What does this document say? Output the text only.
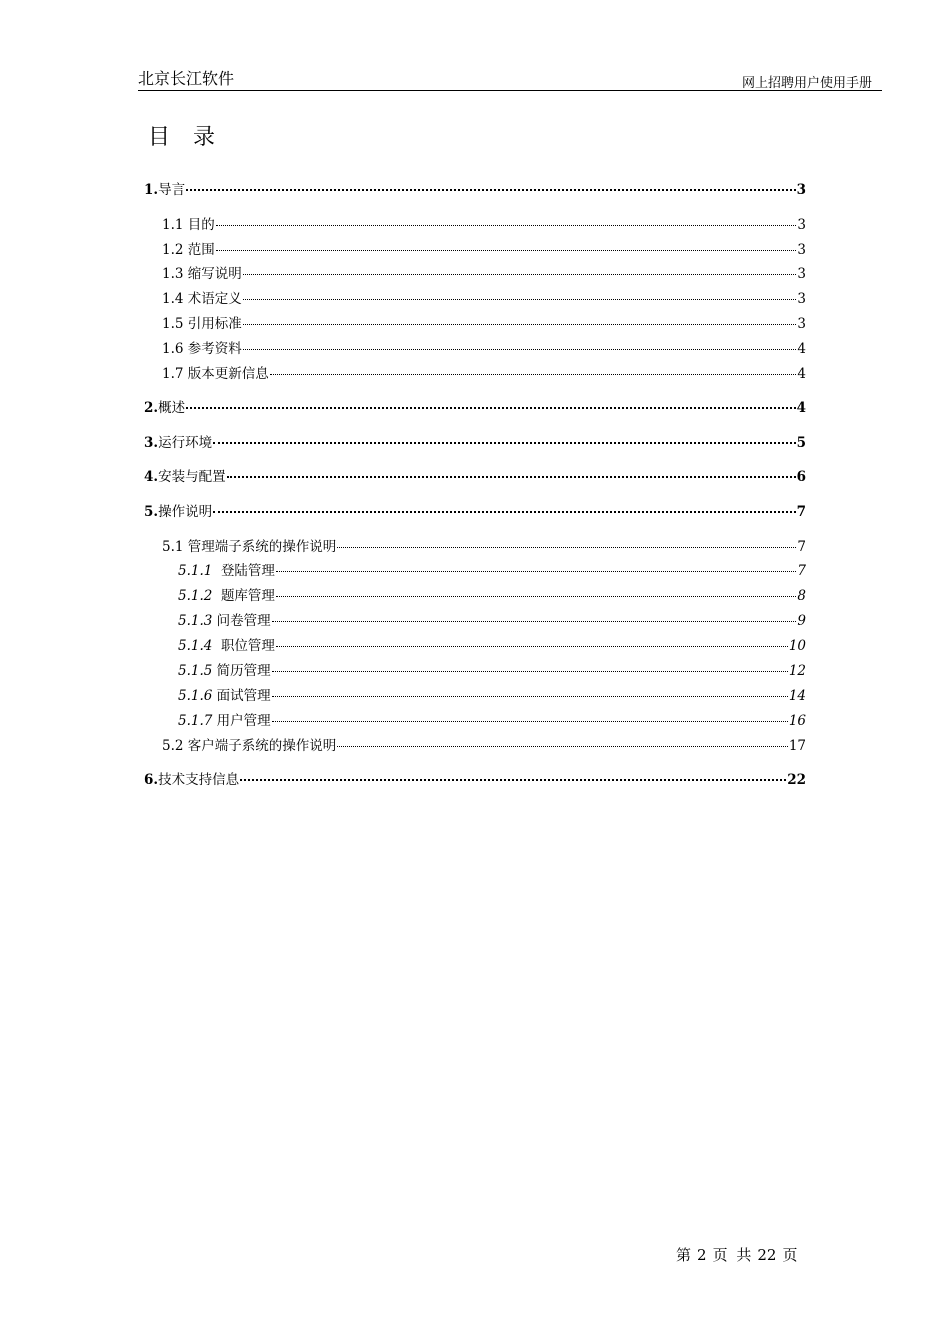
北京长江软件	网上招聘用户使用手册
目 录
1. 导言	3
1.1 目的	3
1.2 范围	3
1.3 缩写说明	3
1.4 术语定义	3
1.5 引用标准	3
1.6 参考资料	4
1.7 版本更新信息	4
2. 概述	4
3. 运行环境	5
4. 安装与配置	6
5. 操作说明	7
5.1 管理端子系统的操作说明	7
5.1.1 登陆管理	7
5.1.2 题库管理	8
5.1.3 问卷管理	9
5.1.4 职位管理	10
5.1.5 简历管理	12
5.1.6 面试管理	14
5.1.7 用户管理	16
5.2 客户端子系统的操作说明	17
6. 技术支持信息	22
第 2 页 共 22 页
